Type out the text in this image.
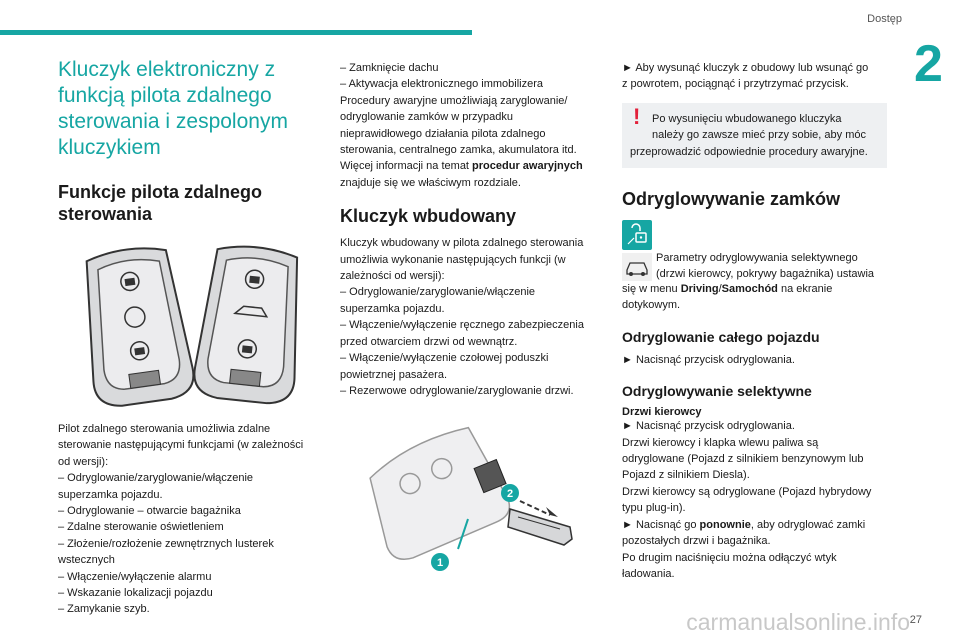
Dostęp
2
Kluczyk elektroniczny z
funkcją pilota zdalnego
sterowania i zespolonym
kluczykiem
Funkcje pilota zdalnego
sterowania

Pilot zdalnego sterowania umożliwia zdalne

sterowanie następującymi funkcjami (w zależności

od wersji):

– Odryglowanie/zaryglowanie/włączenie

superzamka pojazdu.

– Odryglowanie – otwarcie bagażnika

– Zdalne sterowanie oświetleniem

– Złożenie/rozłożenie zewnętrznych lusterek

wstecznych

– Włączenie/wyłączenie alarmu

– Wskazanie lokalizacji pojazdu

– Zamykanie szyb.

– Zamknięcie dachu

– Aktywacja elektronicznego immobilizera

Procedury awaryjne umożliwiają zaryglowanie/

odryglowanie zamków w przypadku

nieprawidłowego działania pilota zdalnego

sterowania, centralnego zamka, akumulatora itd.

Więcej informacji na temat procedur awaryjnych

znajduje się we właściwym rozdziale.

Kluczyk wbudowany

Kluczyk wbudowany w pilota zdalnego sterowania

umożliwia wykonanie następujących funkcji (w

zależności od wersji):

– Odryglowanie/zaryglowanie/włączenie

superzamka pojazdu.

– Włączenie/wyłączenie ręcznego zabezpieczenia

przed otwarciem drzwi od wewnątrz.

– Włączenie/wyłączenie czołowej poduszki

powietrznej pasażera.

– Rezerwowe odryglowanie/zaryglowanie drzwi.

2
1

► Aby wysunąć kluczyk z obudowy lub wsunąć go

z powrotem, pociągnąć i przytrzymać przycisk.

! Po wysunięciu wbudowanego kluczyka
należy go zawsze mieć przy sobie, aby móc
przeprowadzić odpowiednie procedury awaryjne.
Odryglowywanie zamków

Parametry odryglowywania selektywnego

(drzwi kierowcy, pokrywy bagażnika) ustawia

się w menu Driving/Samochód na ekranie

dotykowym.

Odryglowanie całego pojazdu

► Nacisnąć przycisk odryglowania.

Odryglowywanie selektywne
Drzwi kierowcy

► Nacisnąć przycisk odryglowania.

Drzwi kierowcy i klapka wlewu paliwa są

odryglowane (Pojazd z silnikiem benzynowym lub

Pojazd z silnikiem Diesla).

Drzwi kierowcy są odryglowane (Pojazd hybrydowy

typu plug-in).

► Nacisnąć go ponownie, aby odryglować zamki

pozostałych drzwi i bagażnika.

Po drugim naciśnięciu można odłączyć wtyk

ładowania.

carmanualsonline.info 27
